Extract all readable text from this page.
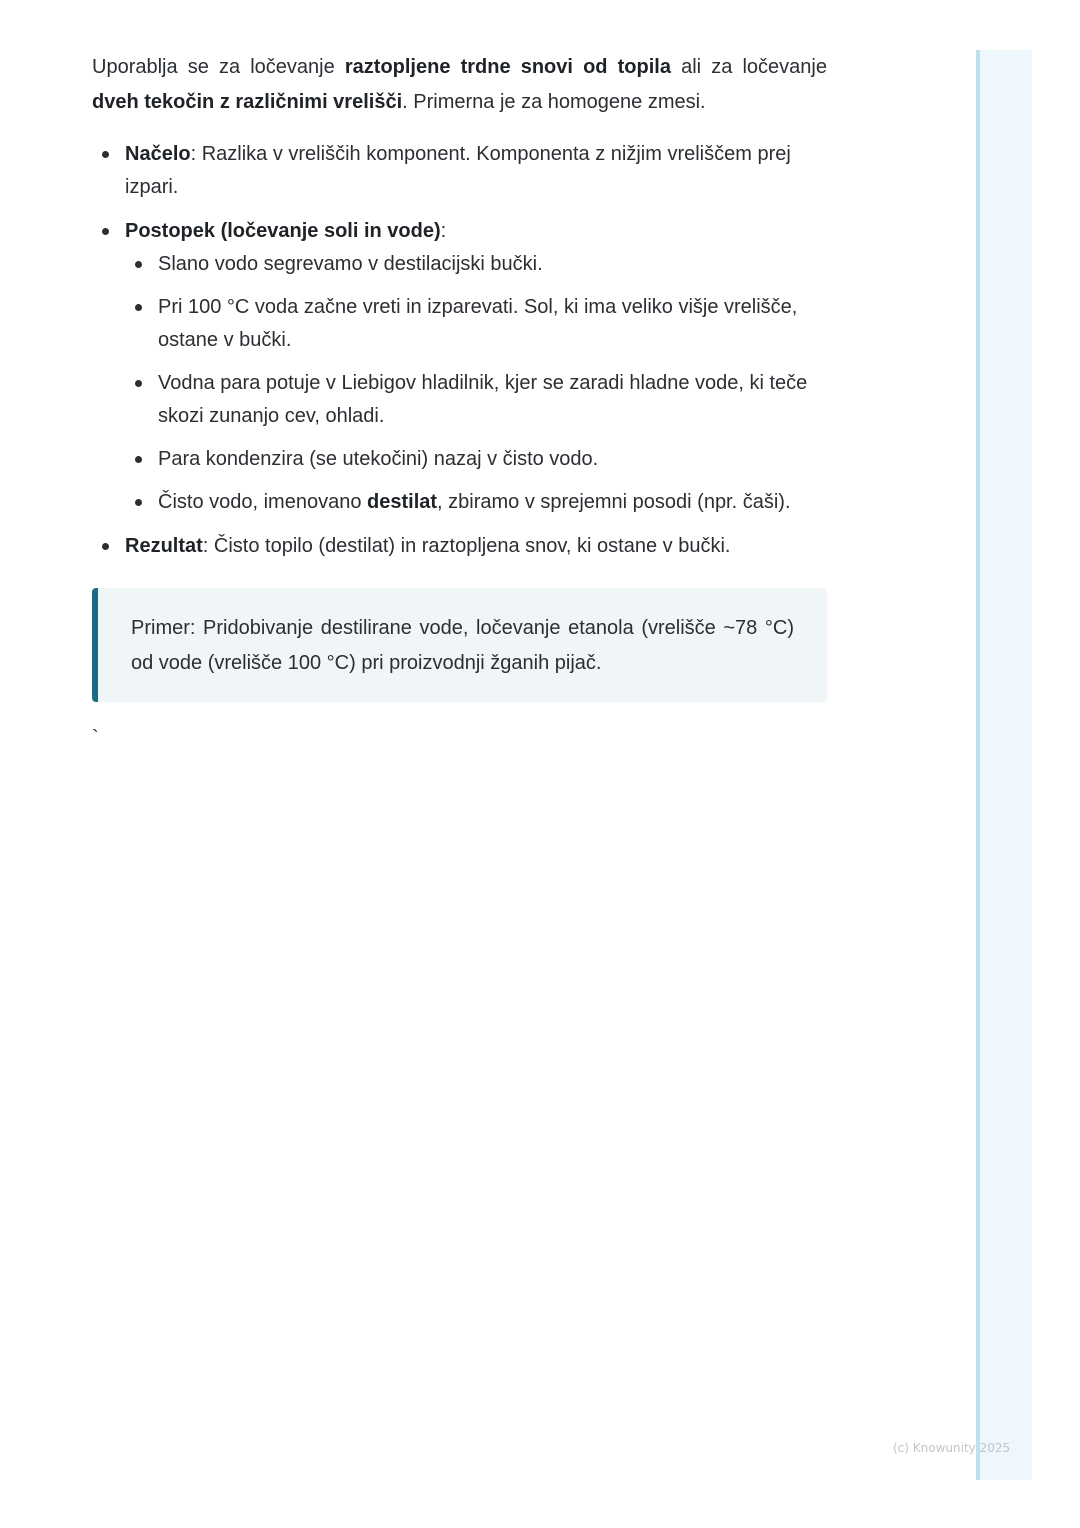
Uporablja se za ločevanje raztopljene trdne snovi od topila ali za ločevanje dveh tekočin z različnimi vrelišči. Primerna je za homogene zmesi.

Načelo: Razlika v vreliščih komponent. Komponenta z nižjim vreliščem prej izpari.
Postopek (ločevanje soli in vode):
Slano vodo segrevamo v destilacijski bučki.
Pri 100 °C voda začne vreti in izparevati. Sol, ki ima veliko višje vrelišče, ostane v bučki.
Vodna para potuje v Liebigov hladilnik, kjer se zaradi hladne vode, ki teče skozi zunanjo cev, ohladi.
Para kondenzira (se utekočini) nazaj v čisto vodo.
Čisto vodo, imenovano destilat, zbiramo v sprejemni posodi (npr. čaši).
Rezultat: Čisto topilo (destilat) in raztopljena snov, ki ostane v bučki.
Primer: Pridobivanje destilirane vode, ločevanje etanola (vrelišče ~78 °C) od vode (vrelišče 100 °C) pri proizvodnji žganih pijač.
`
(c) Knowunity 2025
